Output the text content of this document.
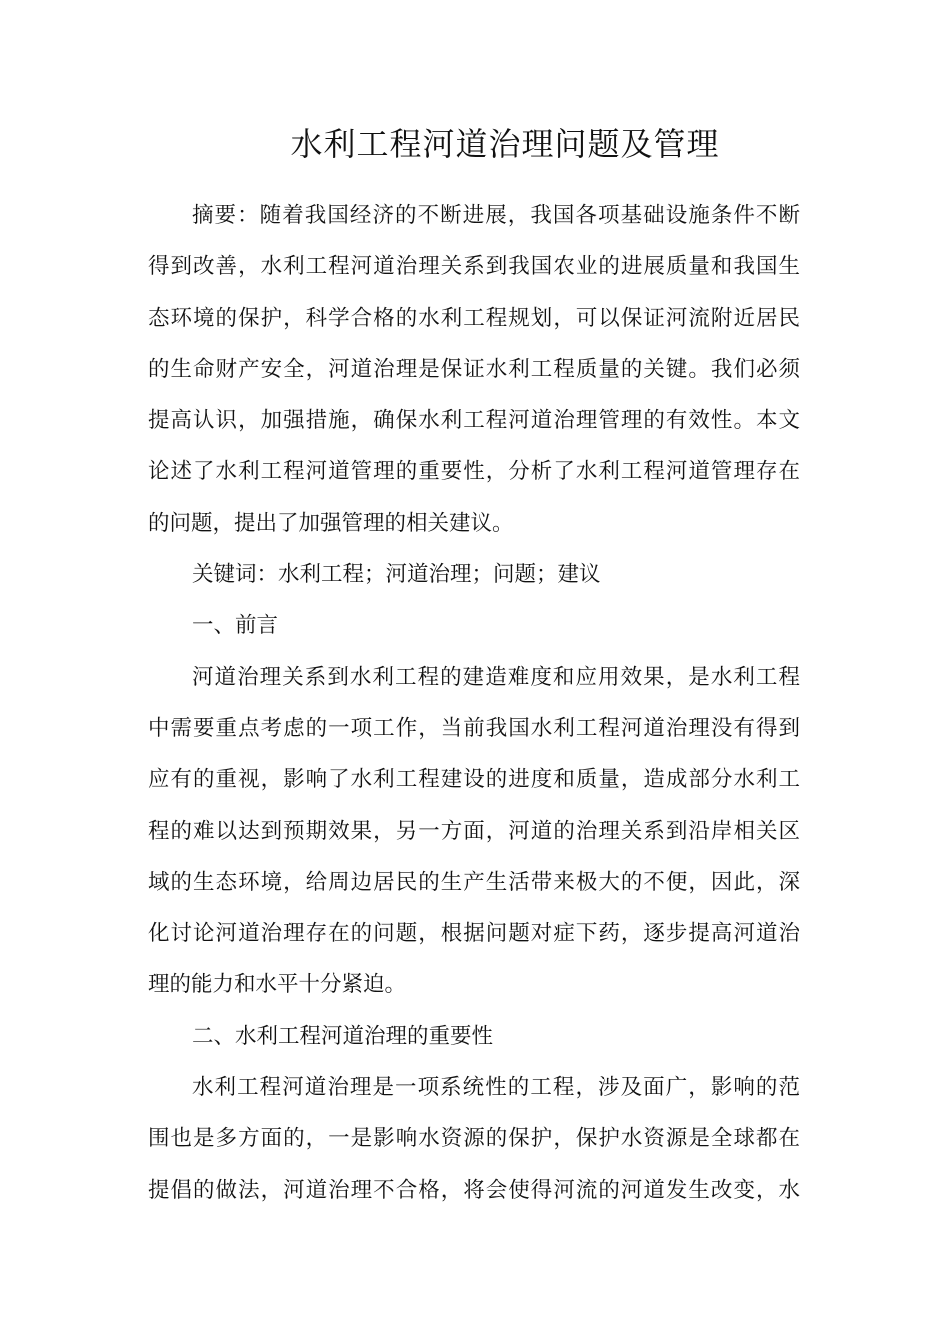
水利工程河道治理问题及管理
摘要：随着我国经济的不断进展，我国各项基础设施条件不断
得到改善，水利工程河道治理关系到我国农业的进展质量和我国生
态环境的保护，科学合格的水利工程规划，可以保证河流附近居民
的生命财产安全，河道治理是保证水利工程质量的关键。我们必须
提高认识，加强措施，确保水利工程河道治理管理的有效性。本文
论述了水利工程河道管理的重要性，分析了水利工程河道管理存在
的问题，提出了加强管理的相关建议。
关键词：水利工程；河道治理；问题；建议
一、前言
河道治理关系到水利工程的建造难度和应用效果，是水利工程
中需要重点考虑的一项工作，当前我国水利工程河道治理没有得到
应有的重视，影响了水利工程建设的进度和质量，造成部分水利工
程的难以达到预期效果，另一方面，河道的治理关系到沿岸相关区
域的生态环境，给周边居民的生产生活带来极大的不便，因此，深
化讨论河道治理存在的问题，根据问题对症下药，逐步提高河道治
理的能力和水平十分紧迫。
二、水利工程河道治理的重要性
水利工程河道治理是一项系统性的工程，涉及面广，影响的范
围也是多方面的，一是影响水资源的保护，保护水资源是全球都在
提倡的做法，河道治理不合格，将会使得河流的河道发生改变，水
